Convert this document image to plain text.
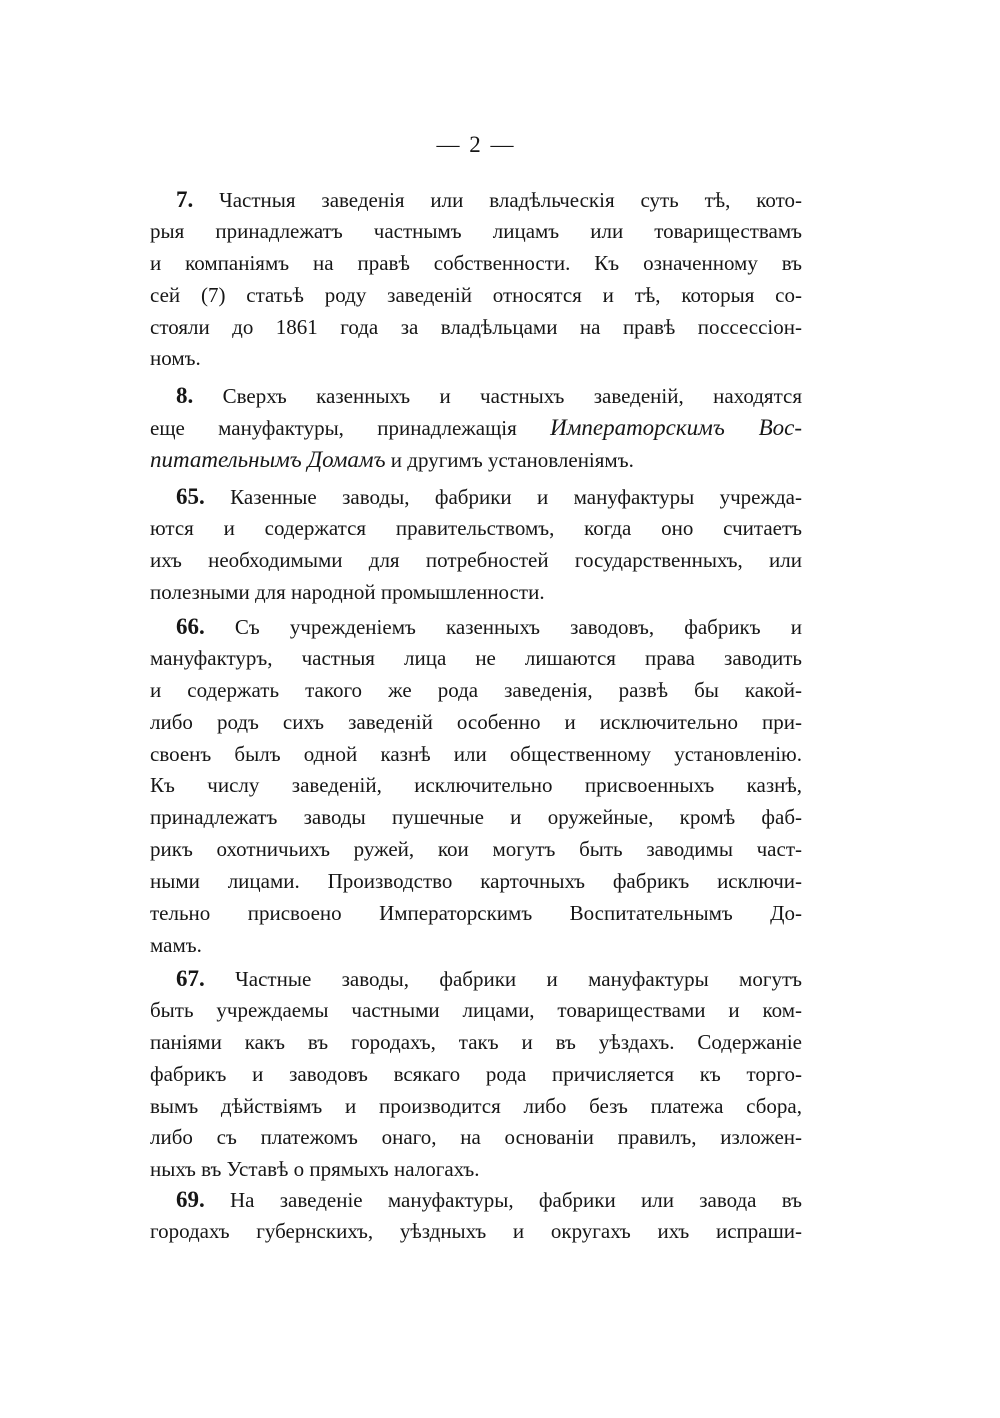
— 2 —
7. Частныя заведенія или владѣльческія суть тѣ, кото-
рыя принадлежатъ частнымъ лицамъ или товариществамъ
и компаніямъ на правѣ собственности. Къ означенному въ
сей (7) статьѣ роду заведеній относятся и тѣ, которыя со-
стояли до 1861 года за владѣльцами на правѣ поссессіон-
номъ.
8. Сверхъ казенныхъ и частныхъ заведеній, находятся
еще мануфактуры, принадлежащія Императорскимъ Вос-
питательнымъ Домамъ и другимъ установленіямъ.
65. Казенные заводы, фабрики и мануфактуры учрежда-
ются и содержатся правительствомъ, когда оно считаетъ
ихъ необходимыми для потребностей государственныхъ, или
полезными для народной промышленности.
66. Съ учрежденіемъ казенныхъ заводовъ, фабрикъ и
мануфактуръ, частныя лица не лишаются права заводить
и содержать такого же рода заведенія, развѣ бы какой-
либо родъ сихъ заведеній особенно и исключительно при-
своенъ былъ одной казнѣ или общественному установленію.
Къ числу заведеній, исключительно присвоенныхъ казнѣ,
принадлежатъ заводы пушечные и оружейные, кромѣ фаб-
рикъ охотничьихъ ружей, кои могутъ быть заводимы част-
ными лицами. Производство карточныхъ фабрикъ исключи-
тельно присвоено Императорскимъ Воспитательнымъ До-
мамъ.
67. Частные заводы, фабрики и мануфактуры могутъ
быть учреждаемы частными лицами, товариществами и ком-
паніями какъ въ городахъ, такъ и въ уѣздахъ. Содержаніе
фабрикъ и заводовъ всякаго рода причисляется къ торго-
вымъ дѣйствіямъ и производится либо безъ платежа сбора,
либо съ платежомъ онаго, на основаніи правилъ, изложен-
ныхъ въ Уставѣ о прямыхъ налогахъ.
69. На заведеніе мануфактуры, фабрики или завода въ
городахъ губернскихъ, уѣздныхъ и округахъ ихъ испраши-
